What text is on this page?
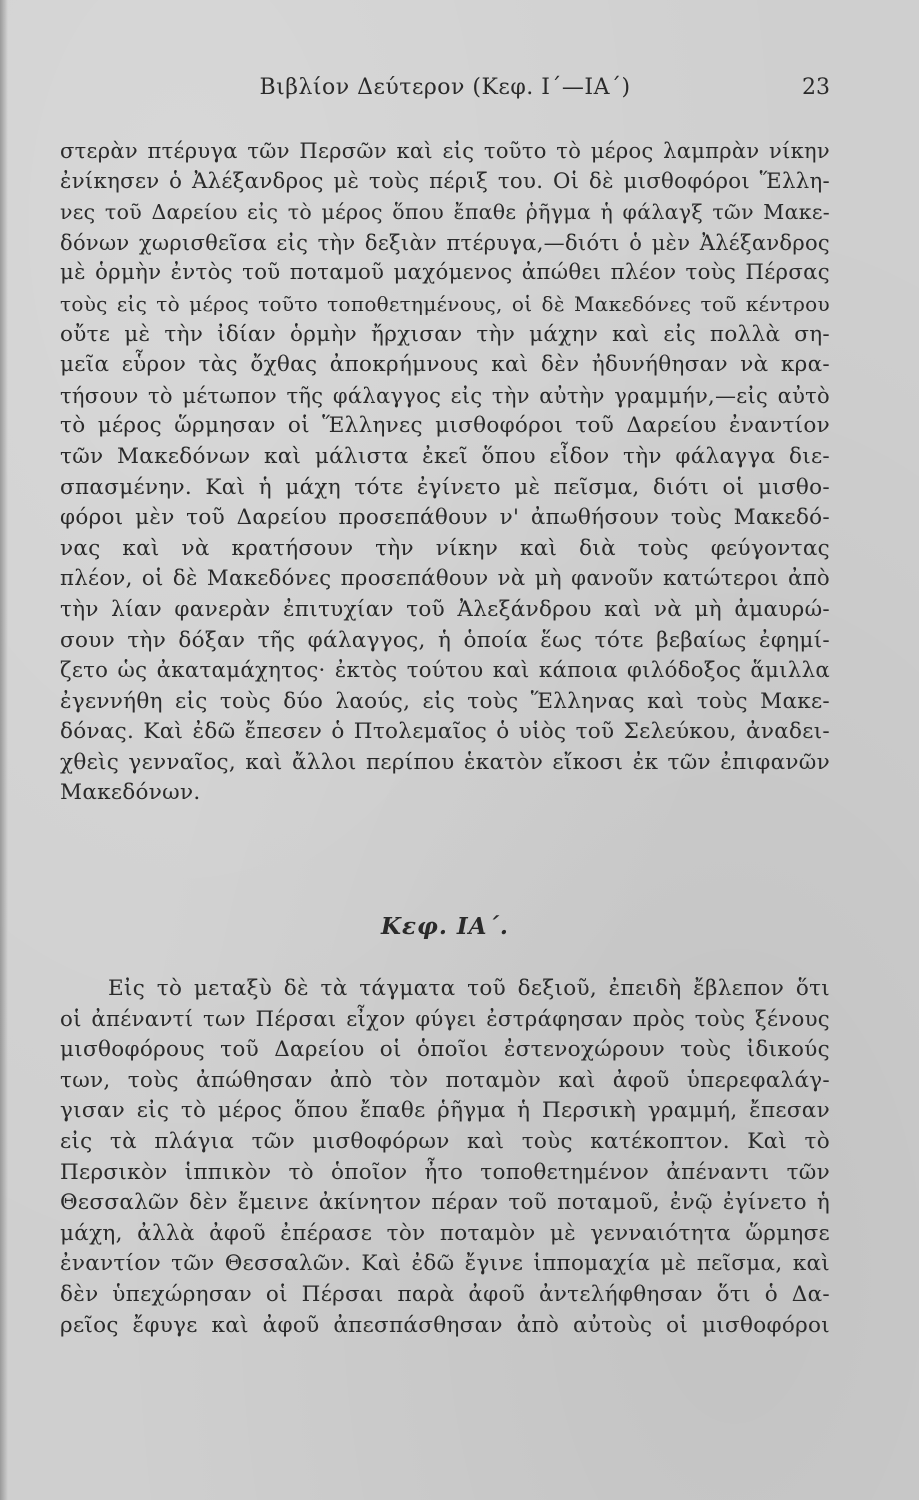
Βιβλίον Δεύτερον (Κεφ. Ι΄—ΙΑ΄)	23
στερὰν πτέρυγα τῶν Περσῶν καὶ εἰς τοῦτο τὸ μέρος λαμπρὰν νίκην
ἐνίκησεν ὁ Ἀλέξανδρος μὲ τοὺς πέριξ του. Οἱ δὲ μισθοφόροι Ἕλλη-
νες τοῦ Δαρείου εἰς τὸ μέρος ὅπου ἔπαθε ῥῆγμα ἡ φάλαγξ τῶν Μακε-
δόνων χωρισθεῖσα εἰς τὴν δεξιὰν πτέρυγα,—διότι ὁ μὲν Ἀλέξανδρος
μὲ ὁρμὴν ἐντὸς τοῦ ποταμοῦ μαχόμενος ἀπώθει πλέον τοὺς Πέρσας
τοὺς εἰς τὸ μέρος τοῦτο τοποθετημένους, οἱ δὲ Μακεδόνες τοῦ κέντρου
οὔτε μὲ τὴν ἰδίαν ὁρμὴν ἤρχισαν τὴν μάχην καὶ εἰς πολλὰ ση-
μεῖα εὗρον τὰς ὄχθας ἀποκρήμνους καὶ δὲν ἠδυνήθησαν νὰ κρα-
τήσουν τὸ μέτωπον τῆς φάλαγγος εἰς τὴν αὐτὴν γραμμήν,—εἰς αὐτὸ
τὸ μέρος ὥρμησαν οἱ Ἕλληνες μισθοφόροι τοῦ Δαρείου ἐναντίον
τῶν Μακεδόνων καὶ μάλιστα ἐκεῖ ὅπου εἶδον τὴν φάλαγγα διε-
σπασμένην. Καὶ ἡ μάχη τότε ἐγίνετο μὲ πεῖσμα, διότι οἱ μισθο-
φόροι μὲν τοῦ Δαρείου προσεπάθουν ν' ἀπωθήσουν τοὺς Μακεδό-
νας καὶ νὰ κρατήσουν τὴν νίκην καὶ διὰ τοὺς φεύγοντας
πλέον, οἱ δὲ Μακεδόνες προσεπάθουν νὰ μὴ φανοῦν κατώτεροι ἀπὸ
τὴν λίαν φανερὰν ἐπιτυχίαν τοῦ Ἀλεξάνδρου καὶ νὰ μὴ ἀμαυρώ-
σουν τὴν δόξαν τῆς φάλαγγος, ἡ ὁποία ἕως τότε βεβαίως ἐφημί-
ζετο ὡς ἀκαταμάχητος· ἐκτὸς τούτου καὶ κάποια φιλόδοξος ἅμιλλα
ἐγεννήθη εἰς τοὺς δύο λαούς, εἰς τοὺς Ἕλληνας καὶ τοὺς Μακε-
δόνας. Καὶ ἐδῶ ἔπεσεν ὁ Πτολεμαῖος ὁ υἱὸς τοῦ Σελεύκου, ἀναδει-
χθεὶς γενναῖος, καὶ ἄλλοι περίπου ἑκατὸν εἴκοσι ἐκ τῶν ἐπιφανῶν
Μακεδόνων.
Κεφ. ΙΑ΄.
Εἰς τὸ μεταξὺ δὲ τὰ τάγματα τοῦ δεξιοῦ, ἐπειδὴ ἔβλεπον ὅτι
οἱ ἀπέναντί των Πέρσαι εἶχον φύγει ἐστράφησαν πρὸς τοὺς ξένους
μισθοφόρους τοῦ Δαρείου οἱ ὁποῖοι ἐστενοχώρουν τοὺς ἰδικούς
των, τοὺς ἀπώθησαν ἀπὸ τὸν ποταμὸν καὶ ἀφοῦ ὑπερεφαλάγ-
γισαν εἰς τὸ μέρος ὅπου ἔπαθε ῥῆγμα ἡ Περσικὴ γραμμή, ἔπεσαν
εἰς τὰ πλάγια τῶν μισθοφόρων καὶ τοὺς κατέκοπτον. Καὶ τὸ
Περσικὸν ἱππικὸν τὸ ὁποῖον ἦτο τοποθετημένον ἀπέναντι τῶν
Θεσσαλῶν δὲν ἔμεινε ἀκίνητον πέραν τοῦ ποταμοῦ, ἐνῷ ἐγίνετο ἡ
μάχη, ἀλλὰ ἀφοῦ ἐπέρασε τὸν ποταμὸν μὲ γενναιότητα ὥρμησε
ἐναντίον τῶν Θεσσαλῶν. Καὶ ἐδῶ ἔγινε ἱππομαχία μὲ πεῖσμα, καὶ
δὲν ὑπεχώρησαν οἱ Πέρσαι παρὰ ἀφοῦ ἀντελήφθησαν ὅτι ὁ Δα-
ρεῖος ἔφυγε καὶ ἀφοῦ ἀπεσπάσθησαν ἀπὸ αὐτοὺς οἱ μισθοφόροι
